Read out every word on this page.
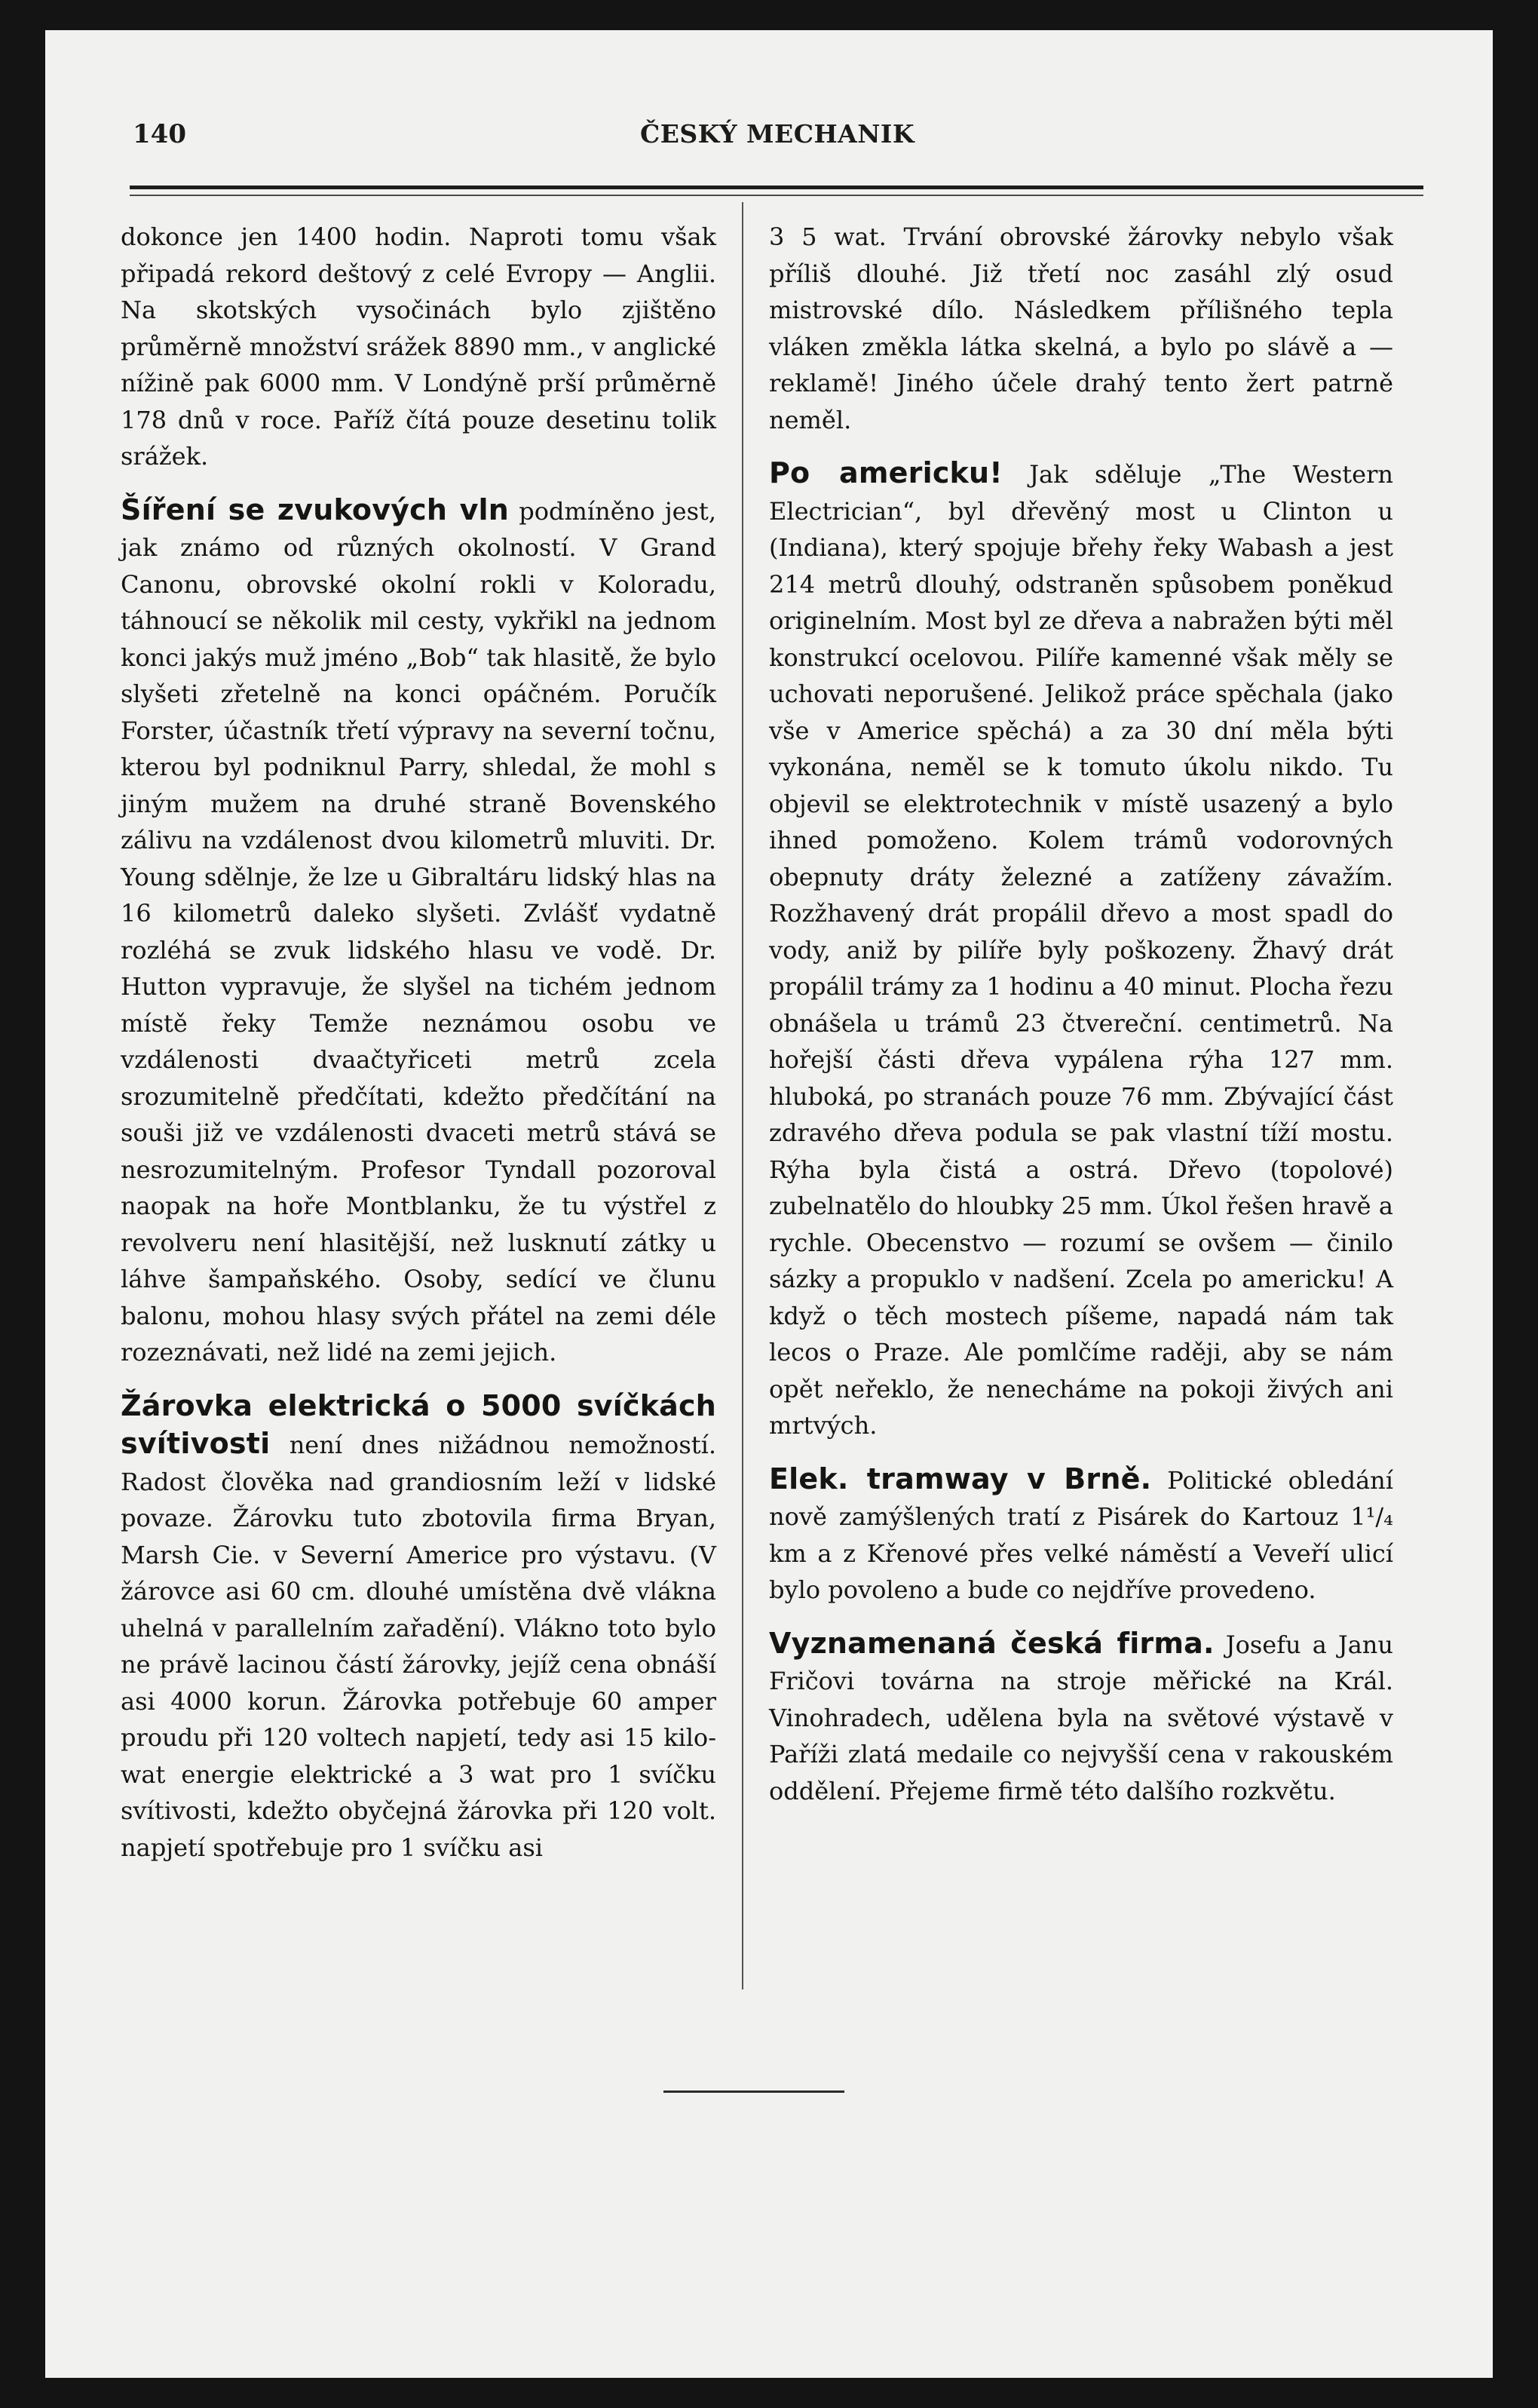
140	ČESKÝ MECHANIK

dokonce jen 1400 hodin. Naproti tomu však připadá rekord deštový z celé Evropy — Anglii. Na skotských vysočinách bylo zjištěno průměrně množství srážek 8890 mm., v anglické nížině pak 6000 mm. V Londýně prší průměrně 178 dnů v roce. Paříž čítá pouze desetinu tolik srážek.

Šíření se zvukových vln podmíněno jest, jak známo od různých okolností. V Grand Canonu, obrovské okolní rokli v Koloradu, táhnoucí se několik mil cesty, vykřikl na jednom konci jakýs muž jméno „Bob“ tak hlasitě, že bylo slyšeti zřetelně na konci opáčném. Poručík Forster, účastník třetí výpravy na severní točnu, kterou byl podniknul Parry, shledal, že mohl s jiným mužem na druhé straně Bovenského zálivu na vzdálenost dvou kilometrů mluviti. Dr. Young sdělnje, že lze u Gibraltáru lidský hlas na 16 kilometrů daleko slyšeti. Zvlášť vydatně rozléhá se zvuk lidského hlasu ve vodě. Dr. Hutton vypravuje, že slyšel na tichém jednom místě řeky Temže neznámou osobu ve vzdálenosti dvaačtyřiceti metrů zcela srozumitelně předčítati, kdežto předčítání na souši již ve vzdálenosti dvaceti metrů stává se nesrozumitelným. Profesor Tyndall pozoroval naopak na hoře Montblanku, že tu výstřel z revolveru není hlasitější, než lusknutí zátky u láhve šampaňského. Osoby, sedící ve člunu balonu, mohou hlasy svých přátel na zemi déle rozeznávati, než lidé na zemi jejich.

Žárovka elektrická o 5000 svíčkách svítivosti není dnes nižádnou nemožností. Radost člověka nad grandiosním leží v lidské povaze. Žárovku tuto zbotovila firma Bryan, Marsh Cie. v Severní Americe pro výstavu. (V žárovce asi 60 cm. dlouhé umístěna dvě vlákna uhelná v parallelním zařadění). Vlákno toto bylo ne právě lacinou částí žárovky, jejíž cena obnáší asi 4000 korun. Žárovka potřebuje 60 amper proudu při 120 voltech napjetí, tedy asi 15 kilowat energie elektrické a 3 wat pro 1 svíčku svítivosti, kdežto obyčejná žárovka při 120 volt. napjetí spotřebuje pro 1 svíčku asi

3 5 wat. Trvání obrovské žárovky nebylo však příliš dlouhé. Již třetí noc zasáhl zlý osud mistrovské dílo. Následkem přílišného tepla vláken změkla látka skelná, a bylo po slávě a — reklamě! Jiného účele drahý tento žert patrně neměl.

Po americku! Jak sděluje „The Western Electrician“, byl dřevěný most u Clinton u (Indiana), který spojuje břehy řeky Wabash a jest 214 metrů dlouhý, odstraněn spůsobem poněkud originelním. Most byl ze dřeva a nabražen býti měl konstrukcí ocelovou. Pilíře kamenné však měly se uchovati neporušené. Jelikož práce spěchala (jako vše v Americe spěchá) a za 30 dní měla býti vykonána, neměl se k tomuto úkolu nikdo. Tu objevil se elektrotechnik v místě usazený a bylo ihned pomoženo. Kolem trámů vodorovných obepnuty dráty železné a zatíženy závažím. Rozžhavený drát propálil dřevo a most spadl do vody, aniž by pilíře byly poškozeny. Žhavý drát propálil trámy za 1 hodinu a 40 minut. Plocha řezu obnášela u trámů 23 čtvereční. centimetrů. Na hořejší části dřeva vypálena rýha 127 mm. hluboká, po stranách pouze 76 mm. Zbývající část zdravého dřeva podula se pak vlastní tíží mostu. Rýha byla čistá a ostrá. Dřevo (topolové) zubelnatělo do hloubky 25 mm. Úkol řešen hravě a rychle. Obecenstvo — rozumí se ovšem — činilo sázky a propuklo v nadšení. Zcela po americku! A když o těch mostech píšeme, napadá nám tak lecos o Praze. Ale pomlčíme raději, aby se nám opět neřeklo, že nenecháme na pokoji živých ani mrtvých.

Elek. tramway v Brně. Politické obledání nově zamýšlených tratí z Pisárek do Kartouz 1¹/₄ km a z Křenové přes velké náměstí a Veveří ulicí bylo povoleno a bude co nejdříve provedeno.

Vyznamenaná česká firma. Josefu a Janu Fričovi továrna na stroje měřické na Král. Vinohradech, udělena byla na světové výstavě v Paříži zlatá medaile co nejvyšší cena v rakouském oddělení. Přejeme firmě této dalšího rozkvětu.
